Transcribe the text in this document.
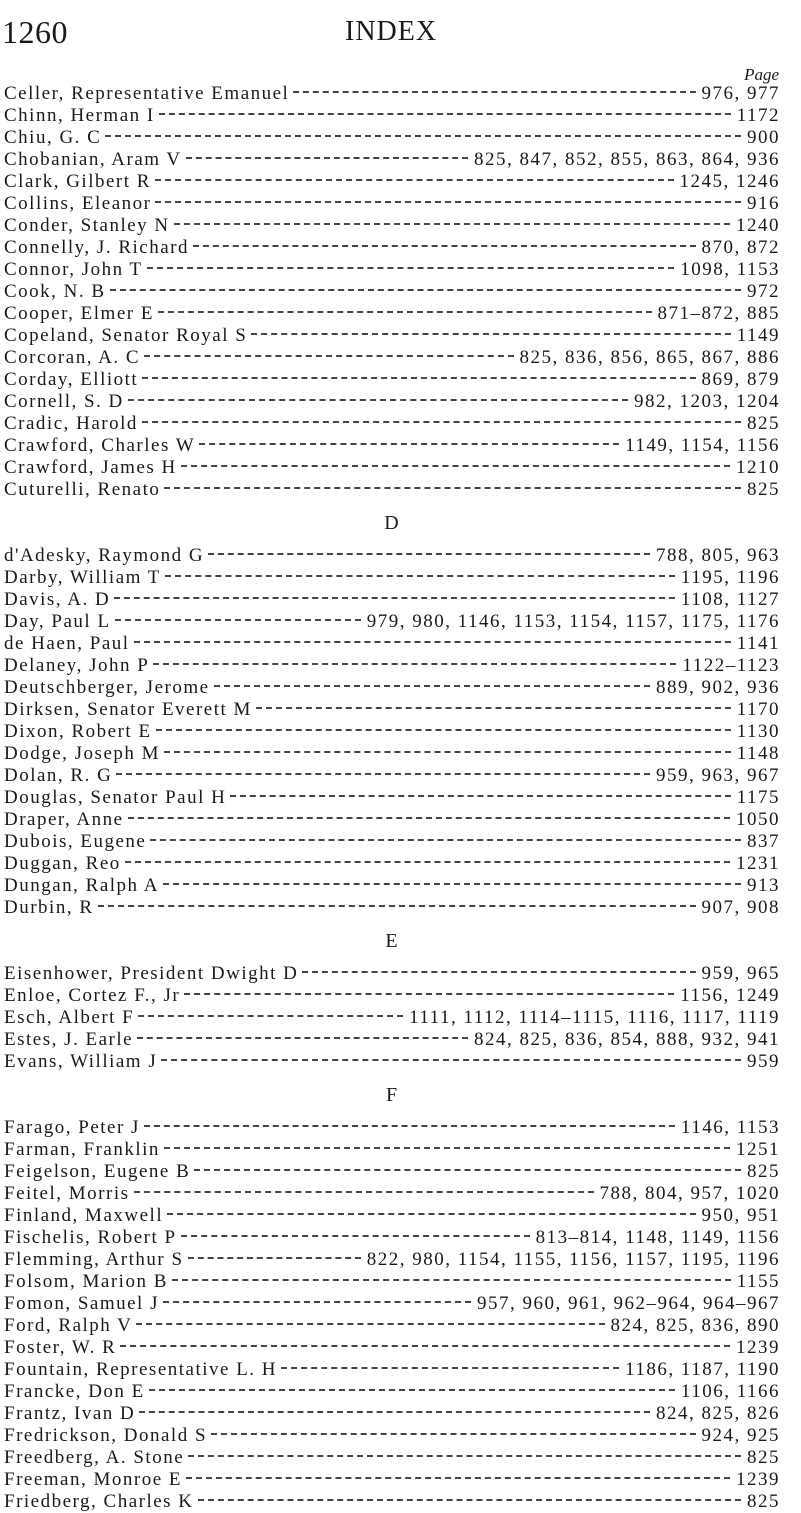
1260	INDEX
Page
Celler, Representative Emanuel	976, 977
Chinn, Herman I	1172
Chiu, G. C	900
Chobanian, Aram V	825, 847, 852, 855, 863, 864, 936
Clark, Gilbert R	1245, 1246
Collins, Eleanor	916
Conder, Stanley N	1240
Connelly, J. Richard	870, 872
Connor, John T	1098, 1153
Cook, N. B	972
Cooper, Elmer E	871–872, 885
Copeland, Senator Royal S	1149
Corcoran, A. C	825, 836, 856, 865, 867, 886
Corday, Elliott	869, 879
Cornell, S. D	982, 1203, 1204
Cradic, Harold	825
Crawford, Charles W	1149, 1154, 1156
Crawford, James H	1210
Cuturelli, Renato	825
D
d'Adesky, Raymond G	788, 805, 963
Darby, William T	1195, 1196
Davis, A. D	1108, 1127
Day, Paul L	979, 980, 1146, 1153, 1154, 1157, 1175, 1176
de Haen, Paul	1141
Delaney, John P	1122–1123
Deutschberger, Jerome	889, 902, 936
Dirksen, Senator Everett M	1170
Dixon, Robert E	1130
Dodge, Joseph M	1148
Dolan, R. G	959, 963, 967
Douglas, Senator Paul H	1175
Draper, Anne	1050
Dubois, Eugene	837
Duggan, Reo	1231
Dungan, Ralph A	913
Durbin, R	907, 908
E
Eisenhower, President Dwight D	959, 965
Enloe, Cortez F., Jr	1156, 1249
Esch, Albert F	1111, 1112, 1114–1115, 1116, 1117, 1119
Estes, J. Earle	824, 825, 836, 854, 888, 932, 941
Evans, William J	959
F
Farago, Peter J	1146, 1153
Farman, Franklin	1251
Feigelson, Eugene B	825
Feitel, Morris	788, 804, 957, 1020
Finland, Maxwell	950, 951
Fischelis, Robert P	813–814, 1148, 1149, 1156
Flemming, Arthur S	822, 980, 1154, 1155, 1156, 1157, 1195, 1196
Folsom, Marion B	1155
Fomon, Samuel J	957, 960, 961, 962–964, 964–967
Ford, Ralph V	824, 825, 836, 890
Foster, W. R	1239
Fountain, Representative L. H	1186, 1187, 1190
Francke, Don E	1106, 1166
Frantz, Ivan D	824, 825, 826
Fredrickson, Donald S	924, 925
Freedberg, A. Stone	825
Freeman, Monroe E	1239
Friedberg, Charles K	825
